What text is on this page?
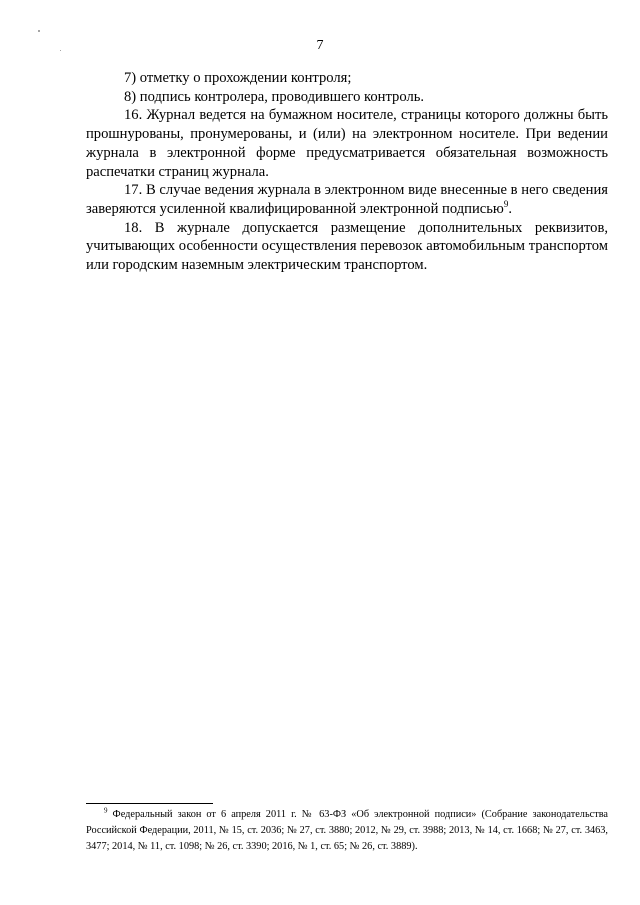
7

7) отметку о прохождении контроля;

8) подпись контролера, проводившего контроль.

16. Журнал ведется на бумажном носителе, страницы которого должны быть прошнурованы, пронумерованы, и (или) на электронном носителе. При ведении журнала в электронной форме предусматривается обязательная возможность распечатки страниц журнала.

17. В случае ведения журнала в электронном виде внесенные в него сведения заверяются усиленной квалифицированной электронной подписью$^9$.

18. В журнале допускается размещение дополнительных реквизитов, учитывающих особенности осуществления перевозок автомобильным транспортом или городским наземным электрическим транспортом.

$^9$ Федеральный закон от 6 апреля 2011 г. № 63-ФЗ «Об электронной подписи» (Собрание законодательства Российской Федерации, 2011, № 15, ст. 2036; № 27, ст. 3880; 2012, № 29, ст. 3988; 2013, № 14, ст. 1668; № 27, ст. 3463, 3477; 2014, № 11, ст. 1098; № 26, ст. 3390; 2016, № 1, ст. 65; № 26, ст. 3889).
